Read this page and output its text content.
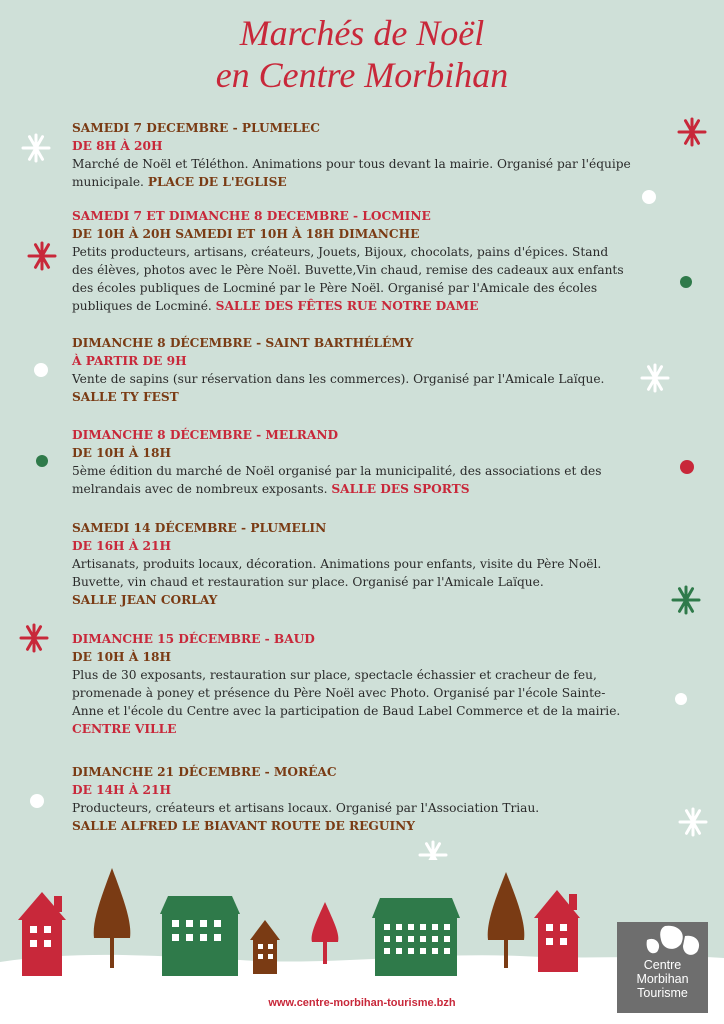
Marchés de Noël
en Centre Morbihan
SAMEDI 7 DECEMBRE - PLUMELEC
DE 8H À 20H
Marché de Noël et Téléthon. Animations pour tous devant la mairie. Organisé par l'équipe municipale. PLACE DE L'EGLISE
SAMEDI 7 ET DIMANCHE 8 DECEMBRE - LOCMINE
DE 10H À 20H SAMEDI ET 10H À 18H DIMANCHE
Petits producteurs, artisans, créateurs, Jouets, Bijoux, chocolats, pains d'épices. Stand des élèves, photos avec le Père Noël. Buvette,Vin chaud, remise des cadeaux aux enfants des écoles publiques de Locminé par le Père Noël. Organisé par l'Amicale des écoles publiques de Locminé. SALLE DES FÊTES RUE NOTRE DAME
DIMANCHE 8 DÉCEMBRE - SAINT BARTHÉLÉMY
À PARTIR DE 9H
Vente de sapins (sur réservation dans les commerces). Organisé par l'Amicale Laïque.
SALLE TY FEST
DIMANCHE 8 DÉCEMBRE - MELRAND
DE 10H À 18H
5ème édition du marché de Noël organisé par la municipalité, des associations et des melrandais avec de nombreux exposants. SALLE DES SPORTS
SAMEDI 14 DÉCEMBRE - PLUMELIN
DE 16H À 21H
Artisanats, produits locaux, décoration. Animations pour enfants, visite du Père Noël. Buvette, vin chaud et restauration sur place. Organisé par l'Amicale Laïque.
SALLE JEAN CORLAY
DIMANCHE 15 DÉCEMBRE - BAUD
DE 10H À 18H
Plus de 30 exposants, restauration sur place, spectacle échassier et cracheur de feu, promenade à poney et présence du Père Noël avec Photo. Organisé par l'école Sainte-Anne et l'école du Centre avec la participation de Baud Label Commerce et de la mairie.
CENTRE VILLE
DIMANCHE 21 DÉCEMBRE - MORÉAC
DE 14H À 21H
Producteurs, créateurs et artisans locaux. Organisé par l'Association Triau.
SALLE ALFRED LE BIAVANT ROUTE DE REGUINY
Centre
Morbihan
Tourisme
www.centre-morbihan-tourisme.bzh
